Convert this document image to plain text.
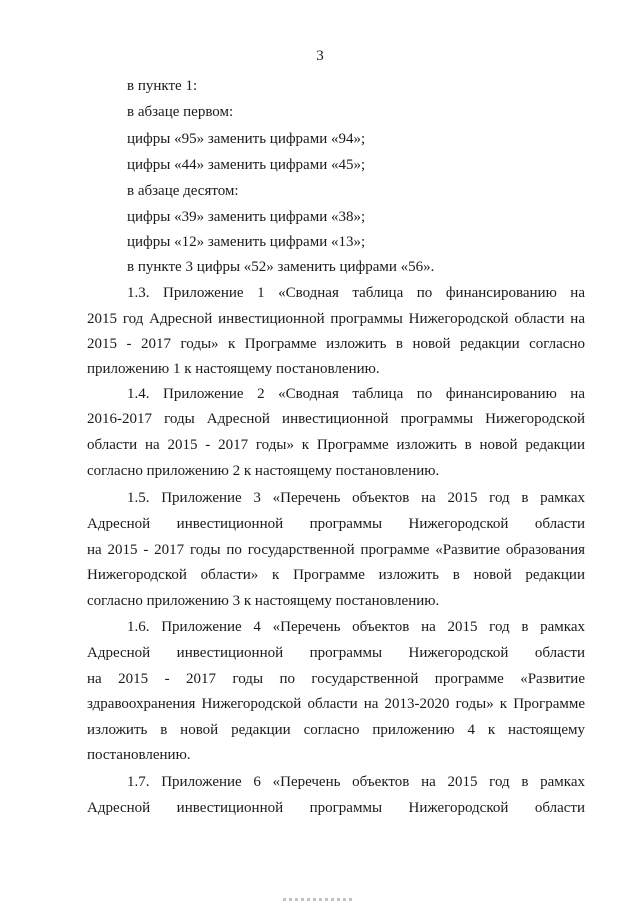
3
в пункте 1:
в абзаце первом:
цифры «95» заменить цифрами «94»;
цифры «44» заменить цифрами «45»;
в абзаце десятом:
цифры «39» заменить цифрами «38»;
цифры «12» заменить цифрами «13»;
в пункте 3 цифры «52» заменить цифрами «56».
1.3. Приложение 1 «Сводная таблица по финансированию на
2015 год Адресной инвестиционной программы Нижегородской области на
2015 - 2017 годы» к Программе изложить в новой редакции согласно
приложению 1 к настоящему постановлению.
1.4. Приложение 2 «Сводная таблица по финансированию на
2016-2017 годы Адресной инвестиционной программы Нижегородской
области на 2015 - 2017 годы» к Программе изложить в новой редакции
согласно приложению 2 к настоящему постановлению.
1.5. Приложение 3 «Перечень объектов на 2015 год в рамках
Адресной инвестиционной программы Нижегородской области
на 2015 - 2017 годы по государственной программе «Развитие образования
Нижегородской области» к Программе изложить в новой редакции
согласно приложению 3 к настоящему постановлению.
1.6. Приложение 4 «Перечень объектов на 2015 год в рамках
Адресной инвестиционной программы Нижегородской области
на 2015 - 2017 годы по государственной программе «Развитие
здравоохранения Нижегородской области на 2013-2020 годы» к Программе
изложить в новой редакции согласно приложению 4 к настоящему
постановлению.
1.7. Приложение 6 «Перечень объектов на 2015 год в рамках
Адресной инвестиционной программы Нижегородской области
